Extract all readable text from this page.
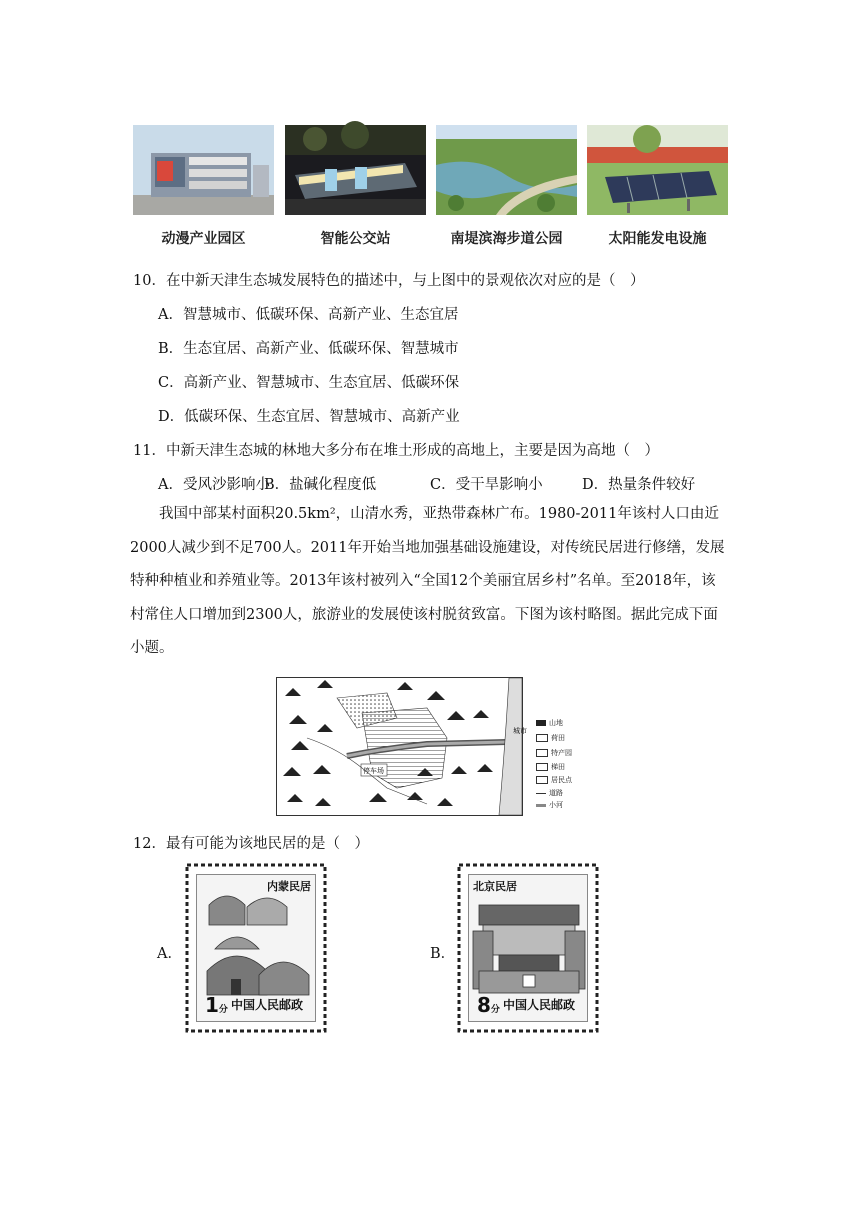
动漫产业园区	智能公交站	南堤滨海步道公园	太阳能发电设施
10．在中新天津生态城发展特色的描述中，与上图中的景观依次对应的是（　）
A．智慧城市、低碳环保、高新产业、生态宜居
B．生态宜居、高新产业、低碳环保、智慧城市
C．高新产业、智慧城市、生态宜居、低碳环保
D．低碳环保、生态宜居、智慧城市、高新产业
11．中新天津生态城的林地大多分布在堆土形成的高地上，主要是因为高地（　）
A．受风沙影响小
B．盐碱化程度低	C．受干旱影响小	D．热量条件较好
我国中部某村面积20.5km²，山清水秀，亚热带森林广布。1980-2011年该村人口由近2000人减少到不足700人。2011年开始当地加强基础设施建设，对传统民居进行修缮，发展特种种植业和养殖业等。2013年该村被列入“全国12个美丽宜居乡村”名单。至2018年，该村常住人口增加到2300人，旅游业的发展使该村脱贫致富。下图为该村略图。据此完成下面小题。
城市
停车场
山地
荷田
特产园
梯田
居民点
道路
小河
12．最有可能为该地民居的是（　）
A．
内蒙民居
1分 中国人民邮政
B．
北京民居
8分 中国人民邮政
